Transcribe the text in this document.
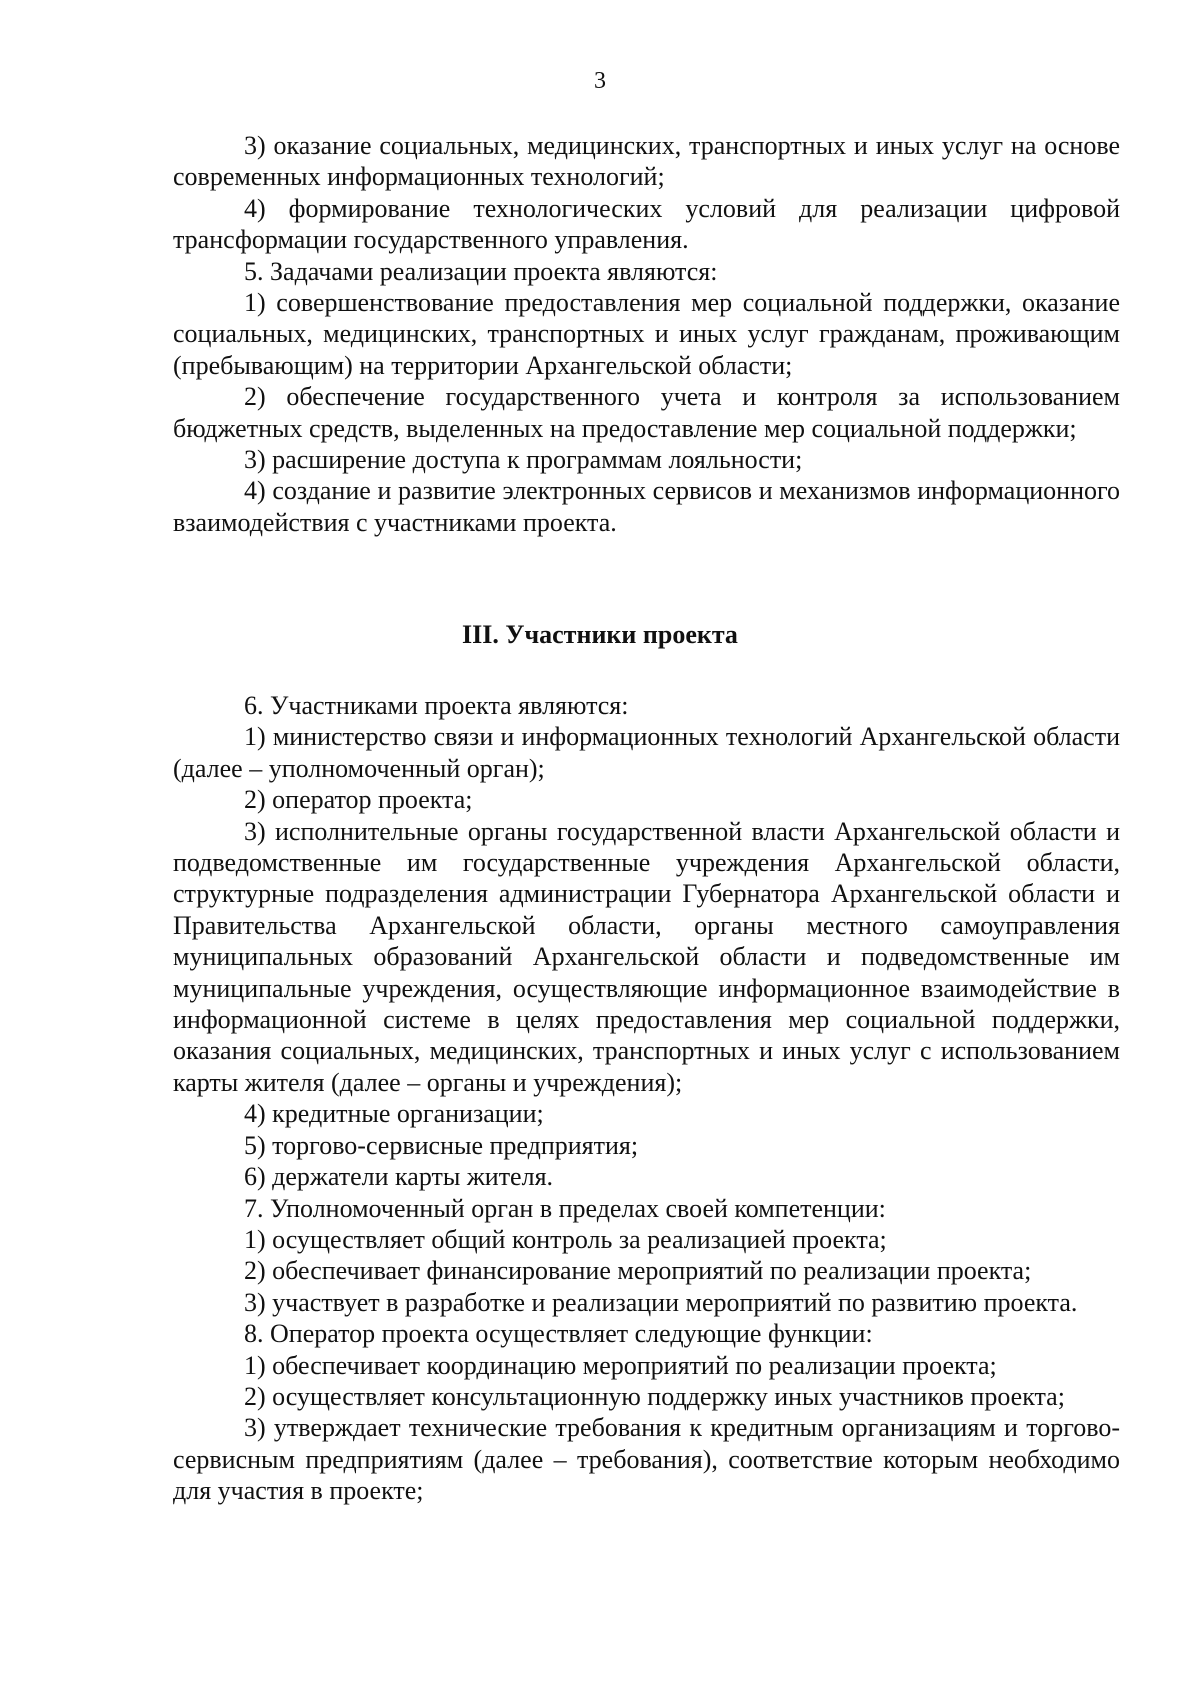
3

3) оказание социальных, медицинских, транспортных и иных услуг на основе современных информационных технологий;

4) формирование технологических условий для реализации цифровой трансформации государственного управления.

5. Задачами реализации проекта являются:

1) совершенствование предоставления мер социальной поддержки, оказание социальных, медицинских, транспортных и иных услуг гражданам, проживающим (пребывающим) на территории Архангельской области;

2) обеспечение государственного учета и контроля за использованием бюджетных средств, выделенных на предоставление мер социальной поддержки;

3) расширение доступа к программам лояльности;

4) создание и развитие электронных сервисов и механизмов информационного взаимодействия с участниками проекта.

III. Участники проекта

6. Участниками проекта являются:

1) министерство связи и информационных технологий Архангельской области (далее – уполномоченный орган);

2) оператор проекта;

3) исполнительные органы государственной власти Архангельской области и подведомственные им государственные учреждения Архангельской области, структурные подразделения администрации Губернатора Архангельской области и Правительства Архангельской области, органы местного самоуправления муниципальных образований Архангельской области и подведомственные им муниципальные учреждения, осуществляющие информационное взаимодействие в информационной системе в целях предоставления мер социальной поддержки, оказания социальных, медицинских, транспортных и иных услуг с использованием карты жителя (далее – органы и учреждения);

4) кредитные организации;

5) торгово-сервисные предприятия;

6) держатели карты жителя.

7. Уполномоченный орган в пределах своей компетенции:

1) осуществляет общий контроль за реализацией проекта;

2) обеспечивает финансирование мероприятий по реализации проекта;

3) участвует в разработке и реализации мероприятий по развитию проекта.

8. Оператор проекта осуществляет следующие функции:

1) обеспечивает координацию мероприятий по реализации проекта;

2) осуществляет консультационную поддержку иных участников проекта;

3) утверждает технические требования к кредитным организациям и торгово-сервисным предприятиям (далее – требования), соответствие которым необходимо для участия в проекте;
